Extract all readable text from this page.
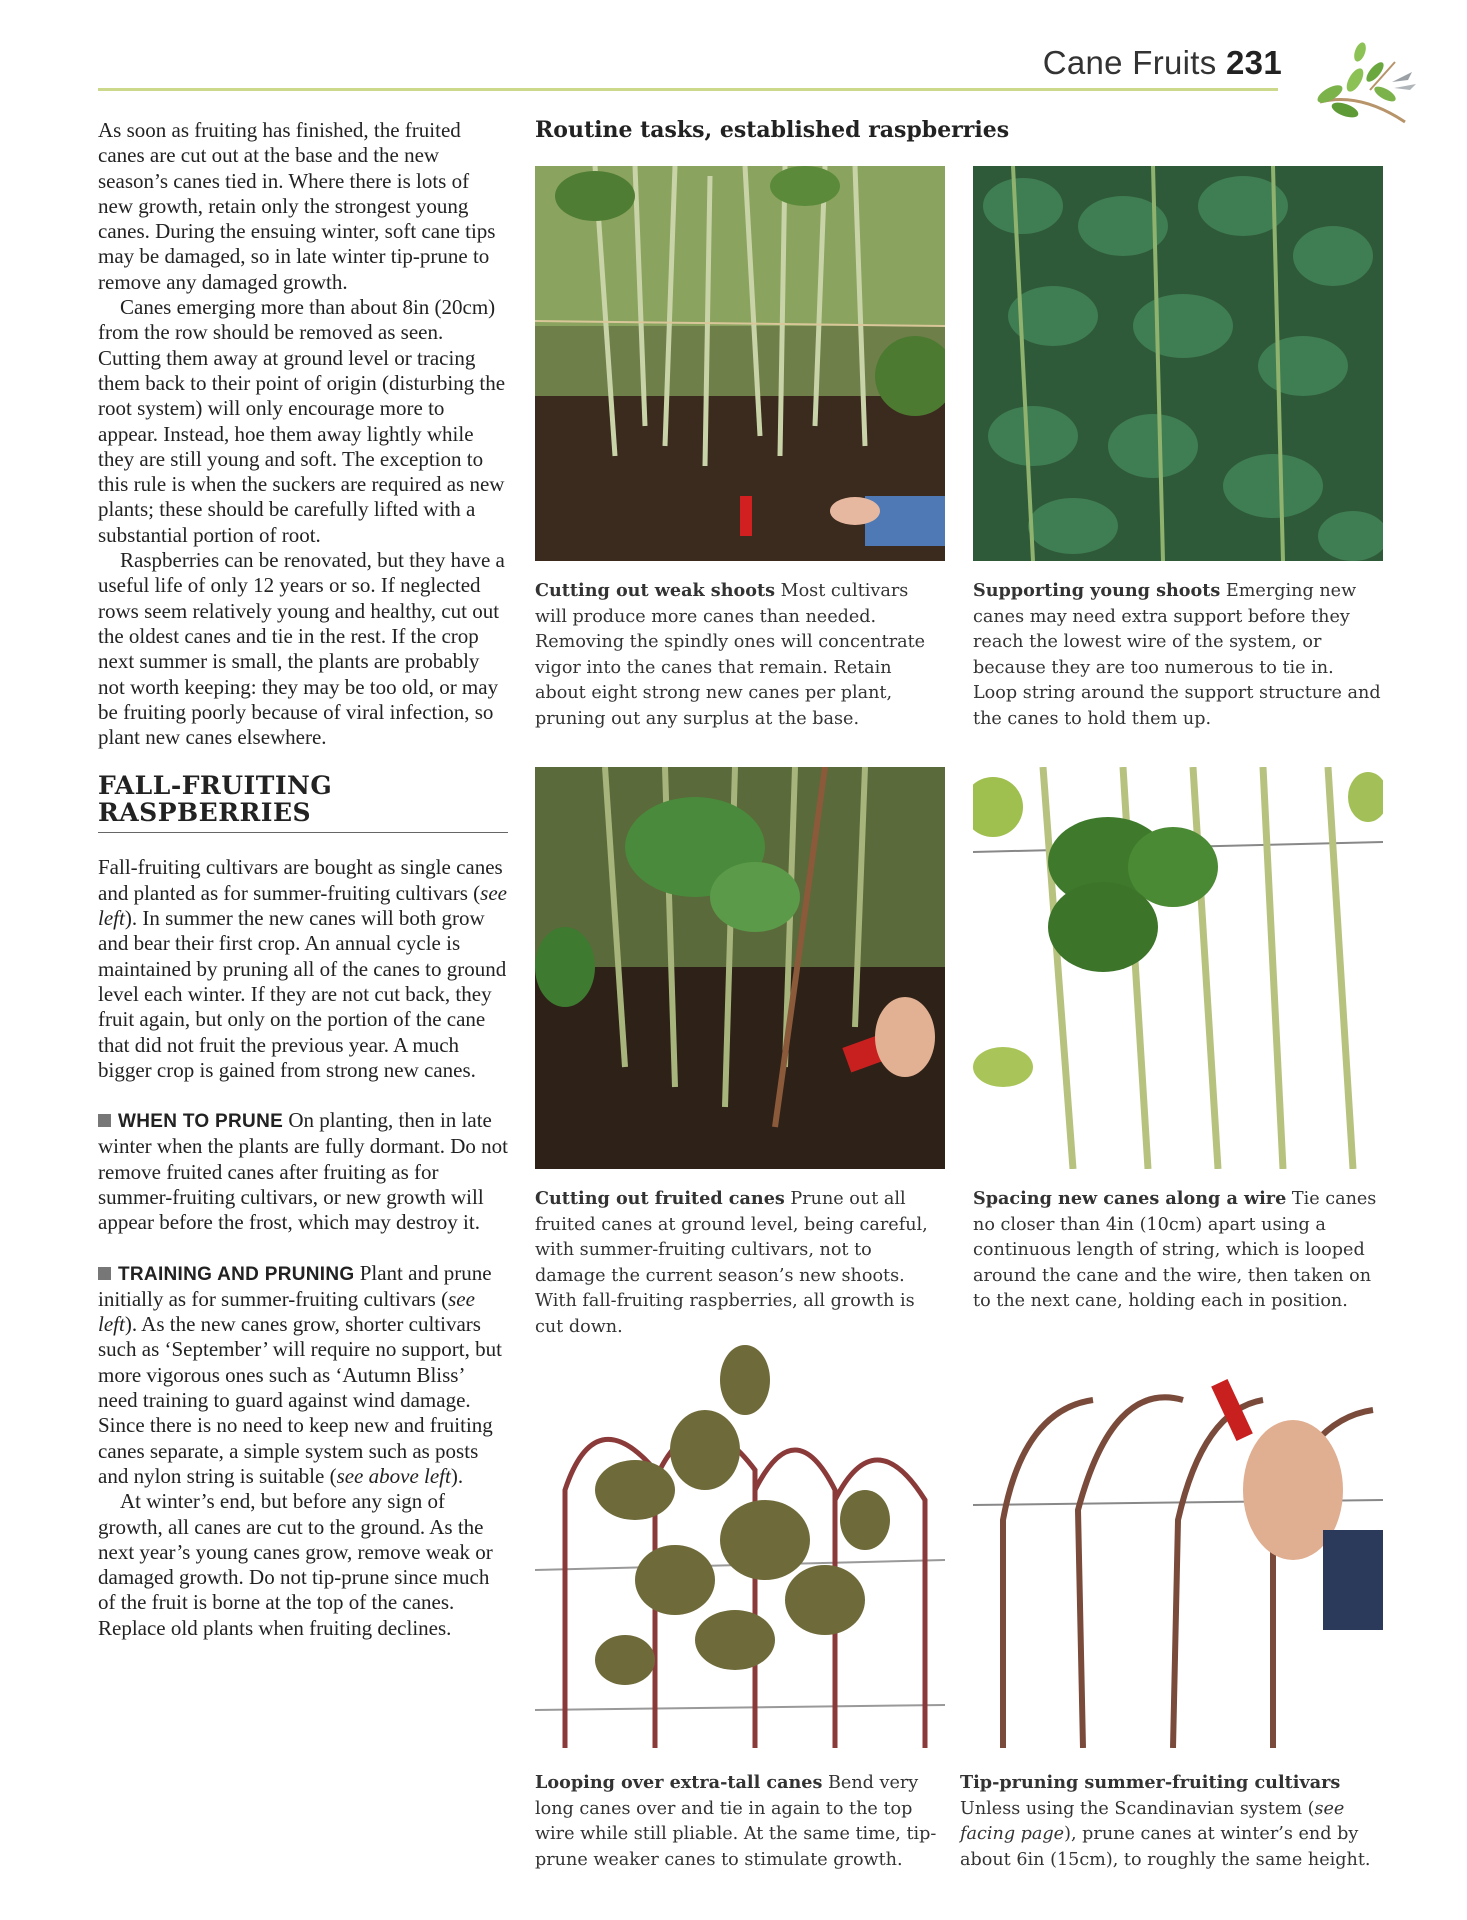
Cane Fruits 231

As soon as fruiting has finished, the fruited canes are cut out at the base and the new season’s canes tied in. Where there is lots of new growth, retain only the strongest young canes. During the ensuing winter, soft cane tips may be damaged, so in late winter tip-prune to remove any damaged growth.

Canes emerging more than about 8in (20cm) from the row should be removed as seen. Cutting them away at ground level or tracing them back to their point of origin (disturbing the root system) will only encourage more to appear. Instead, hoe them away lightly while they are still young and soft. The exception to this rule is when the suckers are required as new plants; these should be carefully lifted with a substantial portion of root.

Raspberries can be renovated, but they have a useful life of only 12 years or so. If neglected rows seem relatively young and healthy, cut out the oldest canes and tie in the rest. If the crop next summer is small, the plants are probably not worth keeping: they may be too old, or may be fruiting poorly because of viral infection, so plant new canes elsewhere.

FALL-FRUITING
RASPBERRIES

Fall-fruiting cultivars are bought as single canes and planted as for summer-fruiting cultivars (see left). In summer the new canes will both grow and bear their first crop. An annual cycle is maintained by pruning all of the canes to ground level each winter. If they are not cut back, they fruit again, but only on the portion of the cane that did not fruit the previous year. A much bigger crop is gained from strong new canes.

WHEN TO PRUNE On planting, then in late winter when the plants are fully dormant. Do not remove fruited canes after fruiting as for summer-fruiting cultivars, or new growth will appear before the frost, which may destroy it.

TRAINING AND PRUNING Plant and prune initially as for summer-fruiting cultivars (see left). As the new canes grow, shorter cultivars such as ‘September’ will require no support, but more vigorous ones such as ‘Autumn Bliss’ need training to guard against wind damage. Since there is no need to keep new and fruiting canes separate, a simple system such as posts and nylon string is suitable (see above left).

At winter’s end, but before any sign of growth, all canes are cut to the ground. As the next year’s young canes grow, remove weak or damaged growth. Do not tip-prune since much of the fruit is borne at the top of the canes. Replace old plants when fruiting declines.

Routine tasks, established raspberries
Cutting out weak shoots Most cultivars will produce more canes than needed. Removing the spindly ones will concentrate vigor into the canes that remain. Retain about eight strong new canes per plant, pruning out any surplus at the base.
Supporting young shoots Emerging new canes may need extra support before they reach the lowest wire of the system, or because they are too numerous to tie in. Loop string around the support structure and the canes to hold them up.
Cutting out fruited canes Prune out all fruited canes at ground level, being careful, with summer-fruiting cultivars, not to damage the current season’s new shoots. With fall-fruiting raspberries, all growth is cut down.
Spacing new canes along a wire Tie canes no closer than 4in (10cm) apart using a continuous length of string, which is looped around the cane and the wire, then taken on to the next cane, holding each in position.
Looping over extra-tall canes Bend very long canes over and tie in again to the top wire while still pliable. At the same time, tip-prune weaker canes to stimulate growth.
Tip-pruning summer-fruiting cultivars
Unless using the Scandinavian system (see facing page), prune canes at winter’s end by about 6in (15cm), to roughly the same height.
